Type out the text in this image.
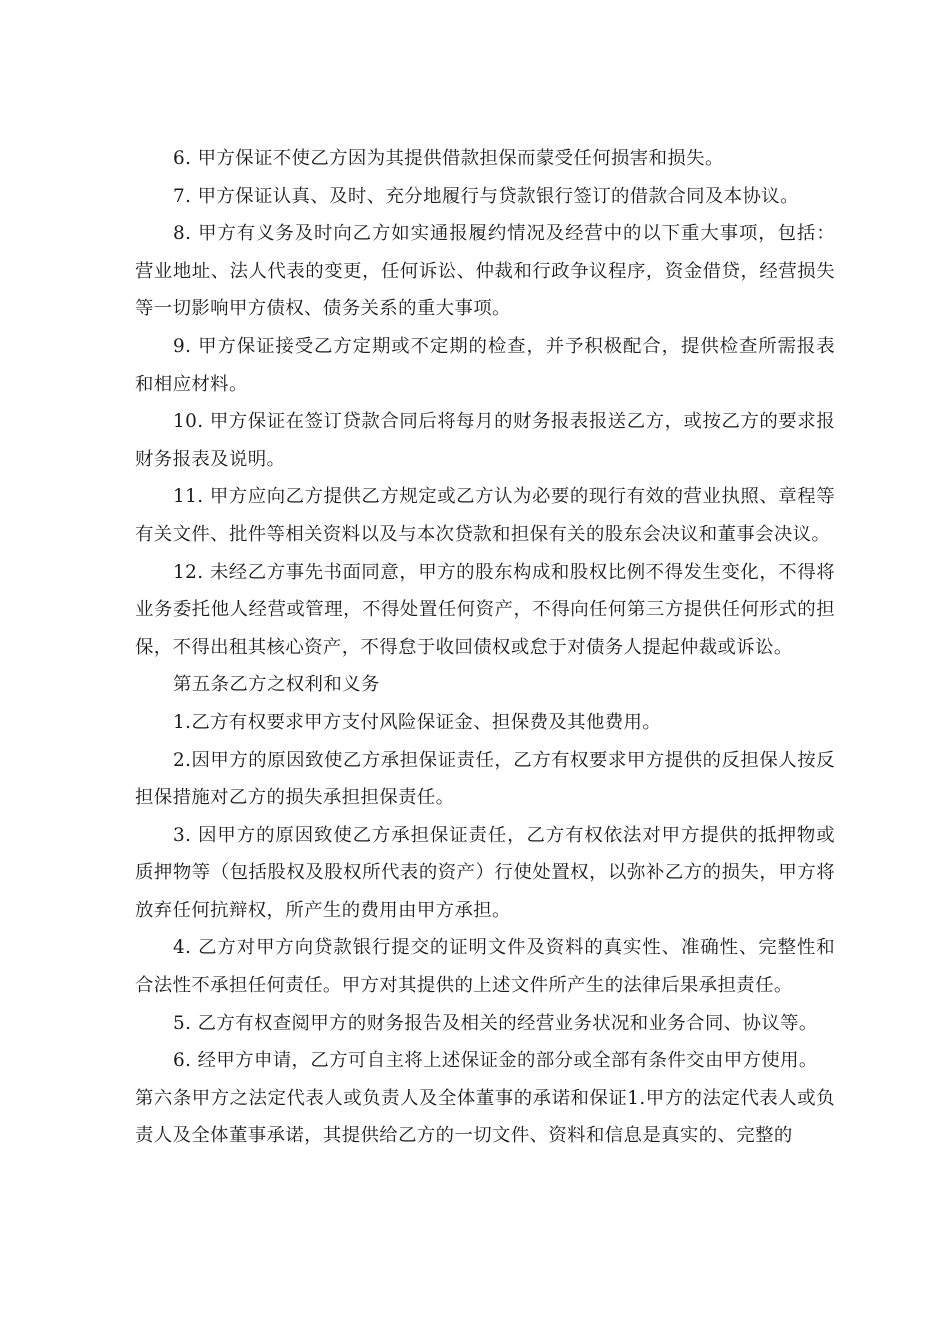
6. 甲方保证不使乙方因为其提供借款担保而蒙受任何损害和损失。

7. 甲方保证认真、及时、充分地履行与贷款银行签订的借款合同及本协议。

8. 甲方有义务及时向乙方如实通报履约情况及经营中的以下重大事项，包括：营业地址、法人代表的变更，任何诉讼、仲裁和行政争议程序，资金借贷，经营损失等一切影响甲方债权、债务关系的重大事项。

9. 甲方保证接受乙方定期或不定期的检查，并予积极配合，提供检查所需报表和相应材料。

10. 甲方保证在签订贷款合同后将每月的财务报表报送乙方，或按乙方的要求报财务报表及说明。

11. 甲方应向乙方提供乙方规定或乙方认为必要的现行有效的营业执照、章程等有关文件、批件等相关资料以及与本次贷款和担保有关的股东会决议和董事会决议。

12. 未经乙方事先书面同意，甲方的股东构成和股权比例不得发生变化，不得将业务委托他人经营或管理，不得处置任何资产，不得向任何第三方提供任何形式的担保，不得出租其核心资产，不得怠于收回债权或怠于对债务人提起仲裁或诉讼。

第五条乙方之权利和义务

1.乙方有权要求甲方支付风险保证金、担保费及其他费用。

2.因甲方的原因致使乙方承担保证责任，乙方有权要求甲方提供的反担保人按反担保措施对乙方的损失承担担保责任。

3. 因甲方的原因致使乙方承担保证责任，乙方有权依法对甲方提供的抵押物或质押物等（包括股权及股权所代表的资产）行使处置权，以弥补乙方的损失，甲方将放弃任何抗辩权，所产生的费用由甲方承担。

4. 乙方对甲方向贷款银行提交的证明文件及资料的真实性、准确性、完整性和合法性不承担任何责任。甲方对其提供的上述文件所产生的法律后果承担责任。

5. 乙方有权查阅甲方的财务报告及相关的经营业务状况和业务合同、协议等。

6. 经甲方申请，乙方可自主将上述保证金的部分或全部有条件交由甲方使用。

第六条甲方之法定代表人或负责人及全体董事的承诺和保证1.甲方的法定代表人或负责人及全体董事承诺，其提供给乙方的一切文件、资料和信息是真实的、完整的
